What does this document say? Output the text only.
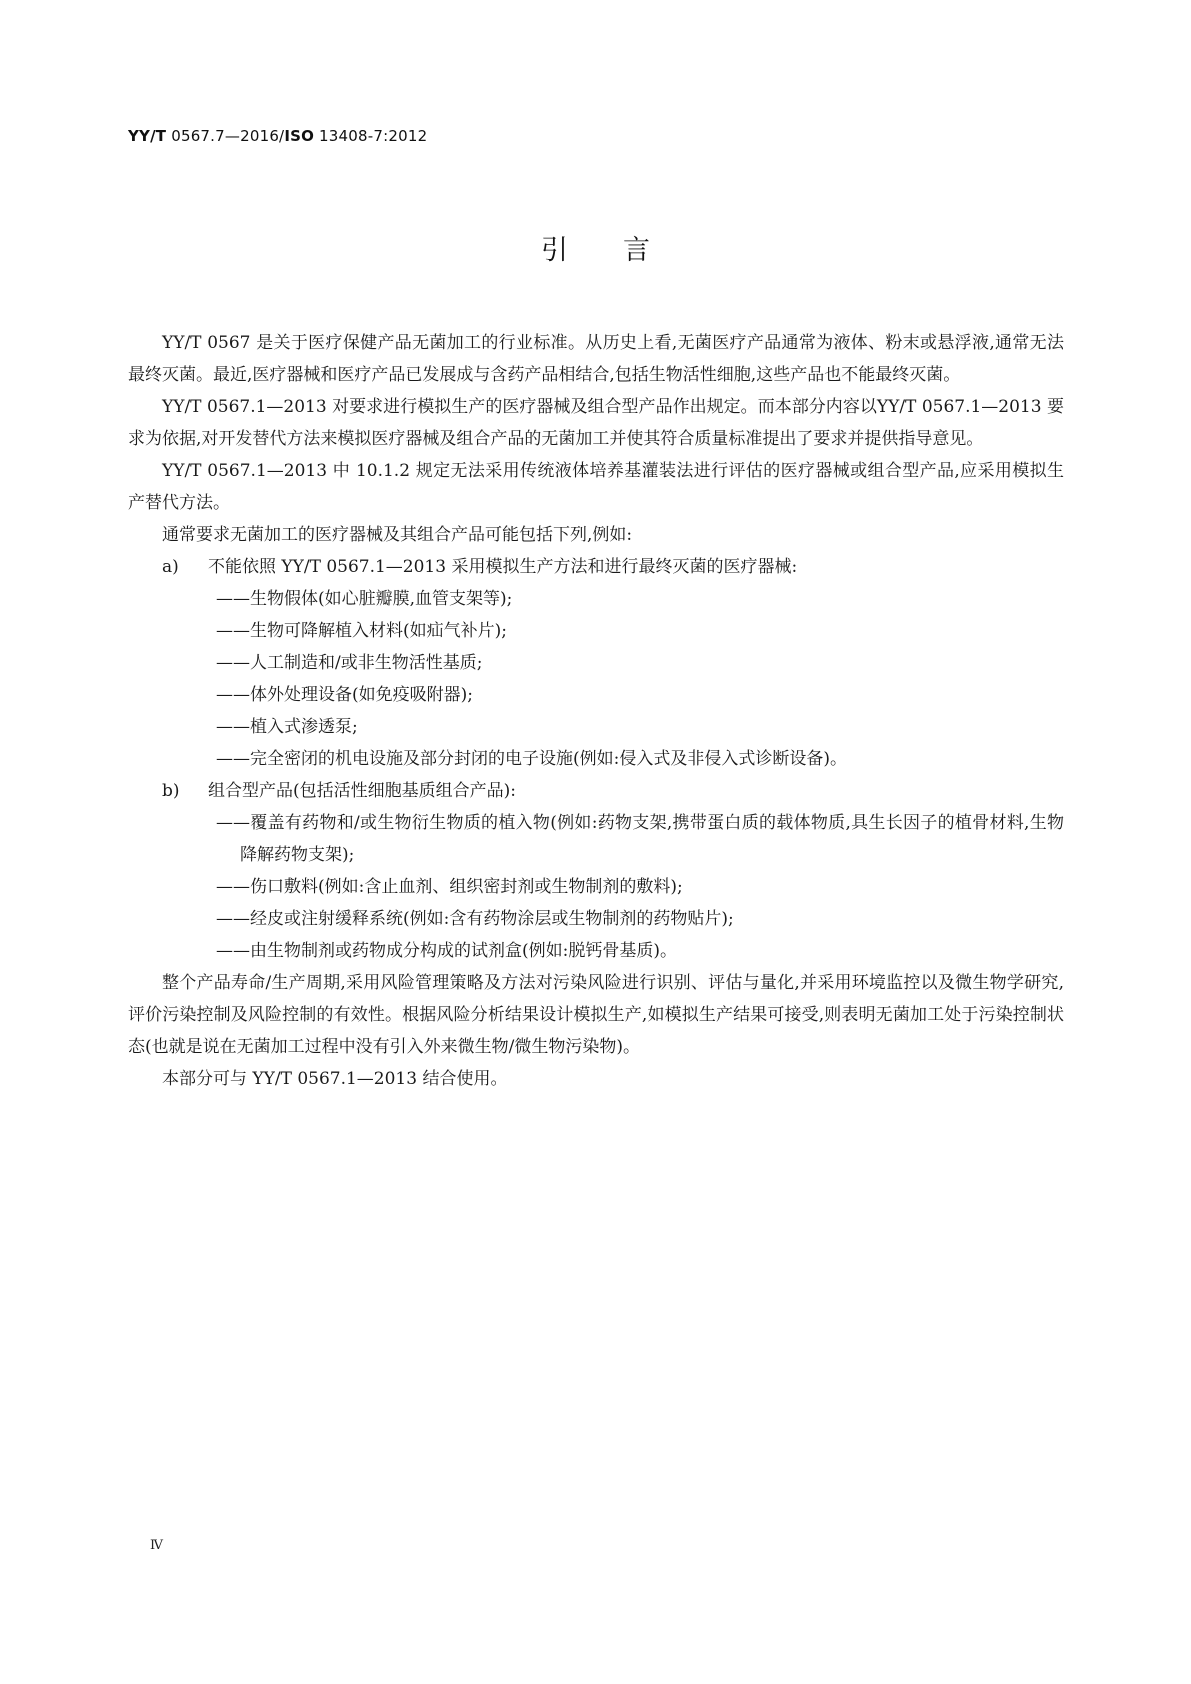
YY/T 0567.7—2016/ISO 13408-7:2012
引言

YY/T 0567 是关于医疗保健产品无菌加工的行业标准。从历史上看,无菌医疗产品通常为液体、粉末或悬浮液,通常无法最终灭菌。最近,医疗器械和医疗产品已发展成与含药产品相结合,包括生物活性细胞,这些产品也不能最终灭菌。

YY/T 0567.1—2013 对要求进行模拟生产的医疗器械及组合型产品作出规定。而本部分内容以YY/T 0567.1—2013 要求为依据,对开发替代方法来模拟医疗器械及组合产品的无菌加工并使其符合质量标准提出了要求并提供指导意见。

YY/T 0567.1—2013 中 10.1.2 规定无法采用传统液体培养基灌装法进行评估的医疗器械或组合型产品,应采用模拟生产替代方法。

通常要求无菌加工的医疗器械及其组合产品可能包括下列,例如:

a) 不能依照 YY/T 0567.1—2013 采用模拟生产方法和进行最终灭菌的医疗器械:

——生物假体(如心脏瓣膜,血管支架等);

——生物可降解植入材料(如疝气补片);

——人工制造和/或非生物活性基质;

——体外处理设备(如免疫吸附器);

——植入式渗透泵;

——完全密闭的机电设施及部分封闭的电子设施(例如:侵入式及非侵入式诊断设备)。

b) 组合型产品(包括活性细胞基质组合产品):

——覆盖有药物和/或生物衍生物质的植入物(例如:药物支架,携带蛋白质的载体物质,具生长因子的植骨材料,生物降解药物支架);

——伤口敷料(例如:含止血剂、组织密封剂或生物制剂的敷料);

——经皮或注射缓释系统(例如:含有药物涂层或生物制剂的药物贴片);

——由生物制剂或药物成分构成的试剂盒(例如:脱钙骨基质)。

整个产品寿命/生产周期,采用风险管理策略及方法对污染风险进行识别、评估与量化,并采用环境监控以及微生物学研究,评价污染控制及风险控制的有效性。根据风险分析结果设计模拟生产,如模拟生产结果可接受,则表明无菌加工处于污染控制状态(也就是说在无菌加工过程中没有引入外来微生物/微生物污染物)。

本部分可与 YY/T 0567.1—2013 结合使用。

Ⅳ
